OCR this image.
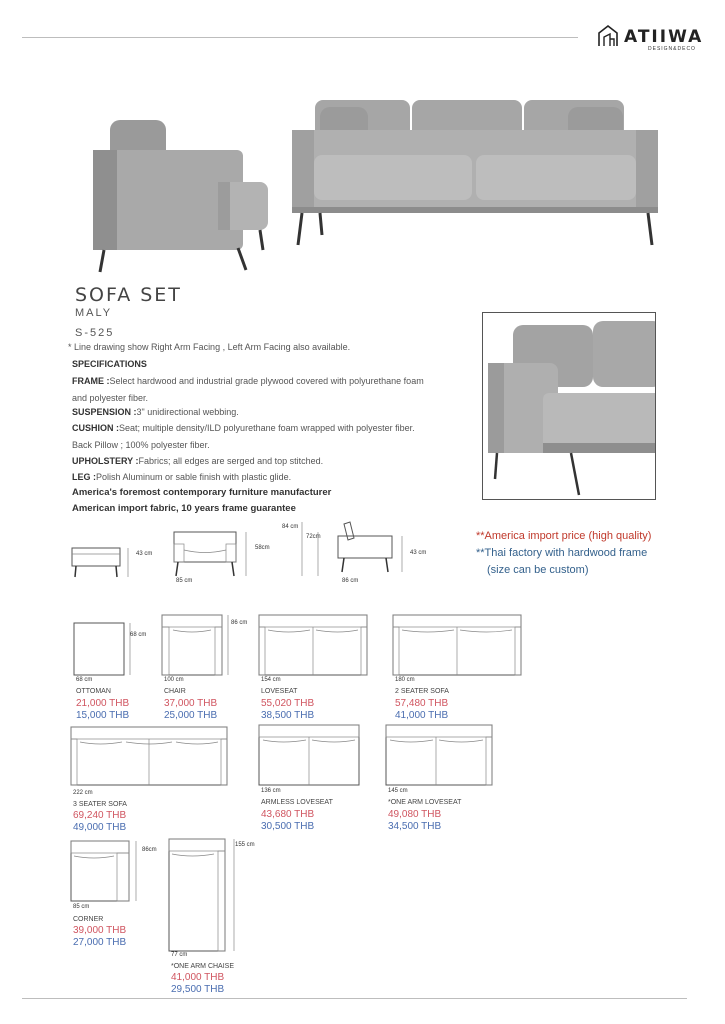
ATIIWA
DESIGN&DECO
SOFA SET
MALY
S-525
* Line drawing show Right Arm Facing , Left Arm Facing also available.
SPECIFICATIONS
FRAME :Select hardwood and industrial grade plywood covered with polyurethane foam
and polyester fiber.
SUSPENSION :3" unidirectional webbing.
CUSHION :Seat; multiple density/ILD polyurethane foam wrapped with polyester fiber.
Back Pillow ; 100% polyester fiber.
UPHOLSTERY :Fabrics; all edges are serged and top stitched.
LEG :Polish Aluminum or sable finish with plastic glide.
America's foremost contemporary furniture manufacturer
American import fabric, 10 years frame guarantee
43 cm
85 cm
58cm
84 cm
72cm
43 cm
86 cm
**America import price (high quality)
**Thai factory with hardwood frame
(size can be custom)
68 cm
68 cm
OTTOMAN
21,000 THB
15,000 THB
86 cm
100 cm
CHAIR
37,000 THB
25,000 THB
154 cm
LOVESEAT
55,020 THB
38,500 THB
180 cm
2 SEATER SOFA
57,480 THB
41,000 THB
222 cm
3 SEATER SOFA
69,240 THB
49,000 THB
136 cm
ARMLESS LOVESEAT
43,680 THB
30,500 THB
145 cm
*ONE ARM LOVESEAT
49,080 THB
34,500 THB
86cm
85 cm
CORNER
39,000 THB
27,000 THB
155 cm
77 cm
*ONE ARM CHAISE
41,000 THB
29,500 THB
